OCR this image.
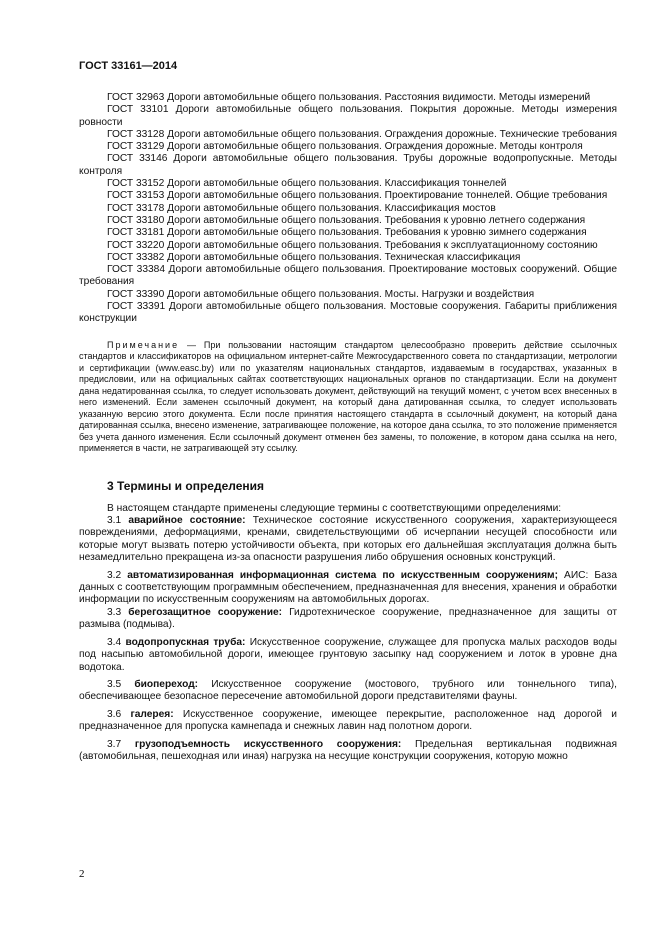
ГОСТ 33161—2014

ГОСТ 32963 Дороги автомобильные общего пользования. Расстояния видимости. Методы измерений

ГОСТ 33101 Дороги автомобильные общего пользования. Покрытия дорожные. Методы измерения ровности

ГОСТ 33128 Дороги автомобильные общего пользования. Ограждения дорожные. Технические требования

ГОСТ 33129 Дороги автомобильные общего пользования. Ограждения дорожные. Методы контроля

ГОСТ 33146 Дороги автомобильные общего пользования. Трубы дорожные водопропускные. Методы контроля

ГОСТ 33152 Дороги автомобильные общего пользования. Классификация тоннелей

ГОСТ 33153 Дороги автомобильные общего пользования. Проектирование тоннелей. Общие требования

ГОСТ 33178 Дороги автомобильные общего пользования. Классификация мостов

ГОСТ 33180 Дороги автомобильные общего пользования. Требования к уровню летнего содержания

ГОСТ 33181 Дороги автомобильные общего пользования. Требования к уровню зимнего содержания

ГОСТ 33220 Дороги автомобильные общего пользования. Требования к эксплуатационному состоянию

ГОСТ 33382 Дороги автомобильные общего пользования. Техническая классификация

ГОСТ 33384 Дороги автомобильные общего пользования. Проектирование мостовых сооружений. Общие требования

ГОСТ 33390 Дороги автомобильные общего пользования. Мосты. Нагрузки и воздействия

ГОСТ 33391 Дороги автомобильные общего пользования. Мостовые сооружения. Габариты приближения конструкции

Примечание — При пользовании настоящим стандартом целесообразно проверить действие ссылочных стандартов и классификаторов на официальном интернет-сайте Межгосударственного совета по стандартизации, метрологии и сертификации (www.easc.by) или по указателям национальных стандартов, издаваемым в государствах, указанных в предисловии, или на официальных сайтах соответствующих национальных органов по стандартизации. Если на документ дана недатированная ссылка, то следует использовать документ, действующий на текущий момент, с учетом всех внесенных в него изменений. Если заменен ссылочный документ, на который дана датированная ссылка, то следует использовать указанную версию этого документа. Если после принятия настоящего стандарта в ссылочный документ, на который дана датированная ссылка, внесено изменение, затрагивающее положение, на которое дана ссылка, то это положение применяется без учета данного изменения. Если ссылочный документ отменен без замены, то положение, в котором дана ссылка на него, применяется в части, не затрагивающей эту ссылку.

3 Термины и определения

В настоящем стандарте применены следующие термины с соответствующими определениями:

3.1 аварийное состояние: Техническое состояние искусственного сооружения, характеризующееся повреждениями, деформациями, кренами, свидетельствующими об исчерпании несущей способности или которые могут вызвать потерю устойчивости объекта, при которых его дальнейшая эксплуатация должна быть незамедлительно прекращена из-за опасности разрушения либо обрушения основных конструкций.

3.2 автоматизированная информационная система по искусственным сооружениям; АИС: База данных с соответствующим программным обеспечением, предназначенная для внесения, хранения и обработки информации по искусственным сооружениям на автомобильных дорогах.

3.3 берегозащитное сооружение: Гидротехническое сооружение, предназначенное для защиты от размыва (подмыва).

3.4 водопропускная труба: Искусственное сооружение, служащее для пропуска малых расходов воды под насыпью автомобильной дороги, имеющее грунтовую засыпку над сооружением и лоток в уровне дна водотока.

3.5 биопереход: Искусственное сооружение (мостового, трубного или тоннельного типа), обеспечивающее безопасное пересечение автомобильной дороги представителями фауны.

3.6 галерея: Искусственное сооружение, имеющее перекрытие, расположенное над дорогой и предназначенное для пропуска камнепада и снежных лавин над полотном дороги.

3.7 грузоподъемность искусственного сооружения: Предельная вертикальная подвижная (автомобильная, пешеходная или иная) нагрузка на несущие конструкции сооружения, которую можно

2
